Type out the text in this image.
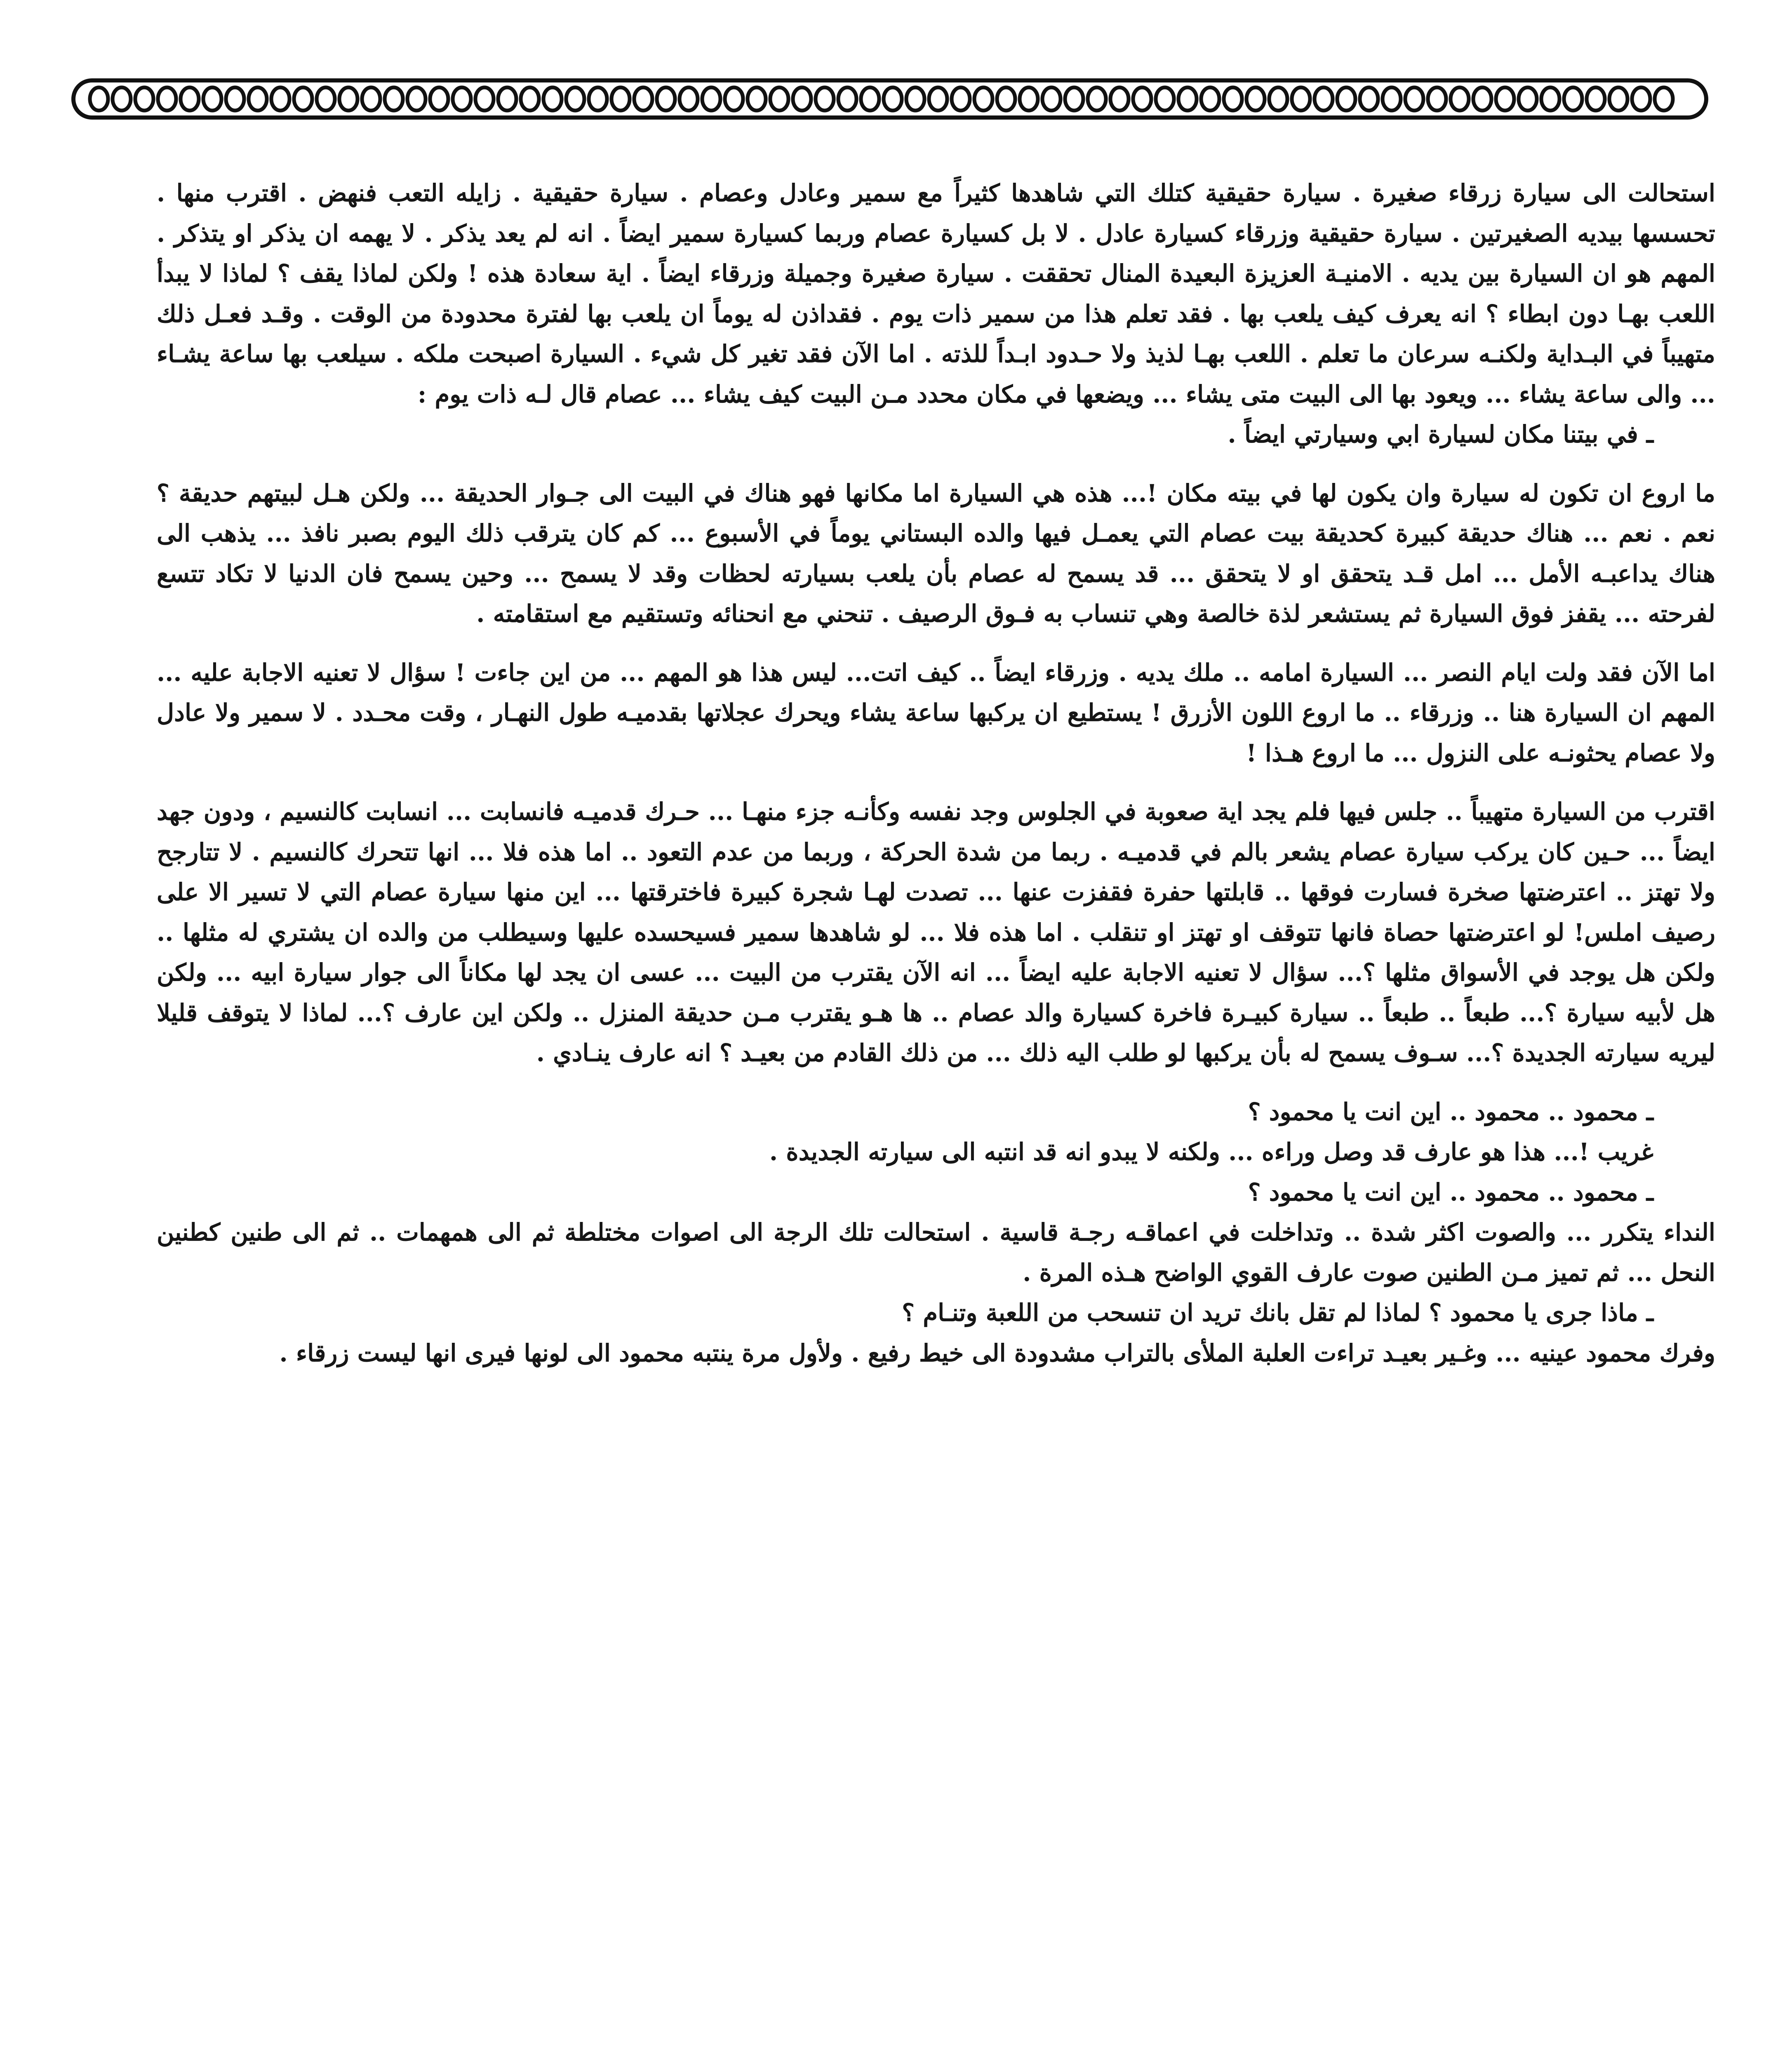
استحالت الى سيارة زرقاء صغيرة . سيارة حقيقية كتلك التي شاهدها كثيراً مع سمير وعادل وعصام . سيارة حقيقية . زايله التعب فنهض . اقترب منها . تحسسها بيديه الصغيرتين . سيارة حقيقية وزرقاء كسيارة عادل . لا بل كسيارة عصام وربما كسيارة سمير ايضاً . انه لم يعد يذكر . لا يهمه ان يذكر او يتذكر . المهم هو ان السيارة بين يديه . الامنيـة العزيزة البعيدة المنال تحققت . سيارة صغيرة وجميلة وزرقاء ايضاً . اية سعادة هذه ! ولكن لماذا يقف ؟ لماذا لا يبدأ اللعب بهـا دون ابطاء ؟ انه يعرف كيف يلعب بها . فقد تعلم هذا من سمير ذات يوم . فقداذن له يوماً ان يلعب بها لفترة محدودة من الوقت . وقـد فعـل ذلك متهيباً في البـداية ولكنـه سرعان ما تعلم . اللعب بهـا لذيذ ولا حـدود ابـداً للذته . اما الآن فقد تغير كل شيء . السيارة اصبحت ملكه . سيلعب بها ساعة يشـاء ... والى ساعة يشاء ... ويعود بها الى البيت متى يشاء ... ويضعها في مكان محدد مـن البيت كيف يشاء ... عصام قال لـه ذات يوم :

ـ في بيتنا مكان لسيارة ابي وسيارتي ايضاً .

ما اروع ان تكون له سيارة وان يكون لها في بيته مكان !... هذه هي السيارة اما مكانها فهو هناك في البيت الى جـوار الحديقة ... ولكن هـل لبيتهم حديقة ؟ نعم . نعم ... هناك حديقة كبيرة كحديقة بيت عصام التي يعمـل فيها والده البستاني يوماً في الأسبوع ... كم كان يترقب ذلك اليوم بصبر نافذ ... يذهب الى هناك يداعبـه الأمل ... امل قـد يتحقق او لا يتحقق ... قد يسمح له عصام بأن يلعب بسيارته لحظات وقد لا يسمح ... وحين يسمح فان الدنيا لا تكاد تتسع لفرحته ... يقفز فوق السيارة ثم يستشعر لذة خالصة وهي تنساب به فـوق الرصيف . تنحني مع انحنائه وتستقيم مع استقامته .

اما الآن فقد ولت ايام النصر ... السيارة امامه .. ملك يديه . وزرقاء ايضاً .. كيف اتت... ليس هذا هو المهم ... من اين جاءت ! سؤال لا تعنيه الاجابة عليه ... المهم ان السيارة هنا .. وزرقاء .. ما اروع اللون الأزرق ! يستطيع ان يركبها ساعة يشاء ويحرك عجلاتها بقدميـه طول النهـار ، وقت محـدد . لا سمير ولا عادل ولا عصام يحثونـه على النزول ... ما اروع هـذا !

اقترب من السيارة متهيباً .. جلس فيها فلم يجد اية صعوبة في الجلوس وجد نفسه وكأنـه جزء منهـا ... حـرك قدميـه فانسابت ... انسابت كالنسيم ، ودون جهد ايضاً ... حـين كان يركب سيارة عصام يشعر بالم في قدميـه . ربما من شدة الحركة ، وربما من عدم التعود .. اما هذه فلا ... انها تتحرك كالنسيم . لا تتارجح ولا تهتز .. اعترضتها صخرة فسارت فوقها .. قابلتها حفرة فقفزت عنها ... تصدت لهـا شجرة كبيرة فاخترقتها ... اين منها سيارة عصام التي لا تسير الا على رصيف املس! لو اعترضتها حصاة فانها تتوقف او تهتز او تنقلب . اما هذه فلا ... لو شاهدها سمير فسيحسده عليها وسيطلب من والده ان يشتري له مثلها .. ولكن هل يوجد في الأسواق مثلها ؟... سؤال لا تعنيه الاجابة عليه ايضاً ... انه الآن يقترب من البيت ... عسى ان يجد لها مكاناً الى جوار سيارة ابيه ... ولكن هل لأبيه سيارة ؟... طبعاً .. طبعاً .. سيارة كبيـرة فاخرة كسيارة والد عصام .. ها هـو يقترب مـن حديقة المنزل .. ولكن اين عارف ؟... لماذا لا يتوقف قليلا ليريه سيارته الجديدة ؟... سـوف يسمح له بأن يركبها لو طلب اليه ذلك ... من ذلك القادم من بعيـد ؟ انه عارف ينـادي .

ـ محمود .. محمود .. اين انت يا محمود ؟

غريب !... هذا هو عارف قد وصل وراءه ... ولكنه لا يبدو انه قد انتبه الى سيارته الجديدة .

ـ محمود .. محمود .. اين انت يا محمود ؟

النداء يتكرر ... والصوت اكثر شدة .. وتداخلت في اعماقـه رجـة قاسية . استحالت تلك الرجة الى اصوات مختلطة ثم الى همهمات .. ثم الى طنين كطنين النحل ... ثم تميز مـن الطنين صوت عارف القوي الواضح هـذه المرة .

ـ ماذا جرى يا محمود ؟ لماذا لم تقل بانك تريد ان تنسحب من اللعبة وتنـام ؟

وفرك محمود عينيه ... وغـير بعيـد تراءت العلبة الملأى بالتراب مشدودة الى خيط رفيع . ولأول مرة ينتبه محمود الى لونها فيرى انها ليست زرقاء .
